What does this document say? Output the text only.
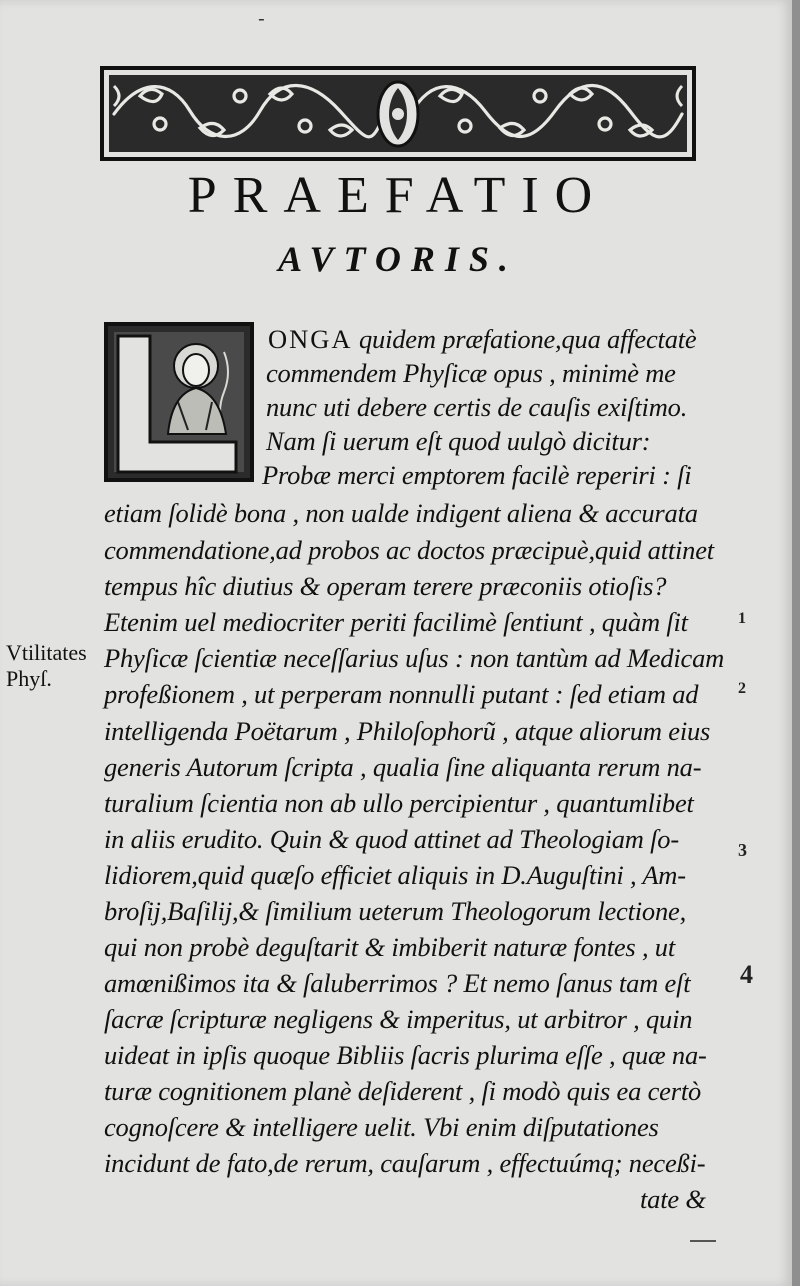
-
PRAEFATIO
AVTORIS.
L

ONGA quidem præfatione,qua affectatè

commendem Phyſicæ opus , minimè me

nunc uti debere certis de cauſis exiſtimo.

Nam ſi uerum eſt quod uulgò dicitur:

Probæ merci emptorem facilè reperiri : ſi

etiam ſolidè bona , non ualde indigent aliena & accurata

commendatione,ad probos ac doctos præcipuè,quid attinet

tempus hîc diutius & operam terere præconiis otioſis?

Etenim uel mediocriter periti facilimè ſentiunt , quàm ſit

Phyſicæ ſcientiæ neceſſarius uſus : non tantùm ad Medicam

profeßionem , ut perperam nonnulli putant : ſed etiam ad

intelligenda Poëtarum , Philoſophorũ , atque aliorum eius

generis Autorum ſcripta , qualia ſine aliquanta rerum na-

turalium ſcientia non ab ullo percipientur , quantumlibet

in aliis erudito. Quin & quod attinet ad Theologiam ſo-

lidiorem,quid quæſo efficiet aliquis in D.Auguſtini , Am-

broſij,Baſilij,& ſimilium ueterum Theologorum lectione,

qui non probè deguſtarit & imbiberit naturæ fontes , ut

amœnißimos ita & ſaluberrimos ? Et nemo ſanus tam eſt

ſacræ ſcripturæ negligens & imperitus, ut arbitror , quin

uideat in ipſis quoque Bibliis ſacris plurima eſſe , quæ na-

turæ cognitionem planè deſiderent , ſi modò quis ea certò

cognoſcere & intelligere uelit. Vbi enim diſputationes

incidunt de fato,de rerum, cauſarum , effectuúmq; neceßi-

tate &

Vtilitates
Phyſ.
1
2
3
4
